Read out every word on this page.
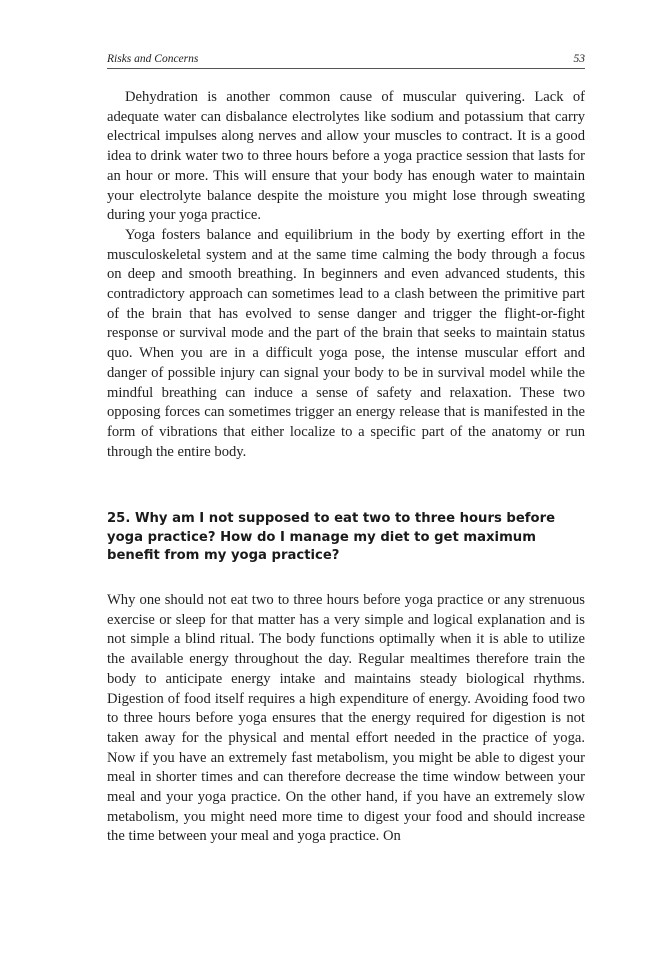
Risks and Concerns	53

Dehydration is another common cause of muscular quivering. Lack of adequate water can disbalance electrolytes like sodium and potassium that carry electrical impulses along nerves and allow your muscles to contract. It is a good idea to drink water two to three hours before a yoga practice session that lasts for an hour or more. This will ensure that your body has enough water to maintain your electrolyte balance despite the moisture you might lose through sweating during your yoga practice.

Yoga fosters balance and equilibrium in the body by exerting effort in the musculoskeletal system and at the same time calming the body through a focus on deep and smooth breathing. In beginners and even advanced students, this contradictory approach can sometimes lead to a clash between the primitive part of the brain that has evolved to sense danger and trigger the flight-or-fight response or survival mode and the part of the brain that seeks to maintain status quo. When you are in a difficult yoga pose, the intense muscular effort and danger of possible injury can signal your body to be in survival model while the mindful breathing can induce a sense of safety and relaxation. These two opposing forces can sometimes trigger an energy release that is manifested in the form of vibrations that either localize to a specific part of the anatomy or run through the entire body.

25. Why am I not supposed to eat two to three hours before yoga practice? How do I manage my diet to get maximum benefit from my yoga practice?

Why one should not eat two to three hours before yoga practice or any strenuous exercise or sleep for that matter has a very simple and logical explanation and is not simple a blind ritual. The body functions optimally when it is able to utilize the available energy throughout the day. Regular mealtimes therefore train the body to anticipate energy intake and maintains steady biological rhythms. Digestion of food itself requires a high expenditure of energy. Avoiding food two to three hours before yoga ensures that the energy required for digestion is not taken away for the physical and mental effort needed in the practice of yoga. Now if you have an extremely fast metabolism, you might be able to digest your meal in shorter times and can therefore decrease the time window between your meal and your yoga practice. On the other hand, if you have an extremely slow metabolism, you might need more time to digest your food and should increase the time between your meal and yoga practice. On
